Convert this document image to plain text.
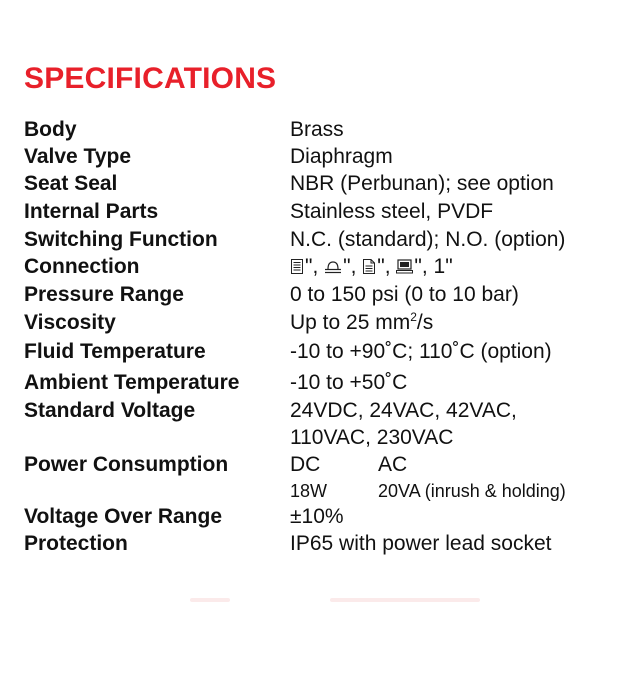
SPECIFICATIONS
Body	Brass
Valve Type	Diaphragm
Seat Seal	NBR (Perbunan); see option
Internal Parts	Stainless steel, PVDF
Switching Function	N.C. (standard); N.O. (option)
Connection	", ", ", ", 1"
Pressure Range	0 to 150 psi (0 to 10 bar)
Viscosity	Up to 25 $mm^2/s$
Fluid Temperature	-10 to +90˚C; 110˚C (option)
Ambient Temperature -10 to +50˚C
Standard Voltage	24VDC, 24VAC, 42VAC,
110VAC, 230VAC
Power Consumption	DC	AC
18W	20VA (inrush & holding)
Voltage Over Range	±10%
Protection	IP65 with power lead socket
